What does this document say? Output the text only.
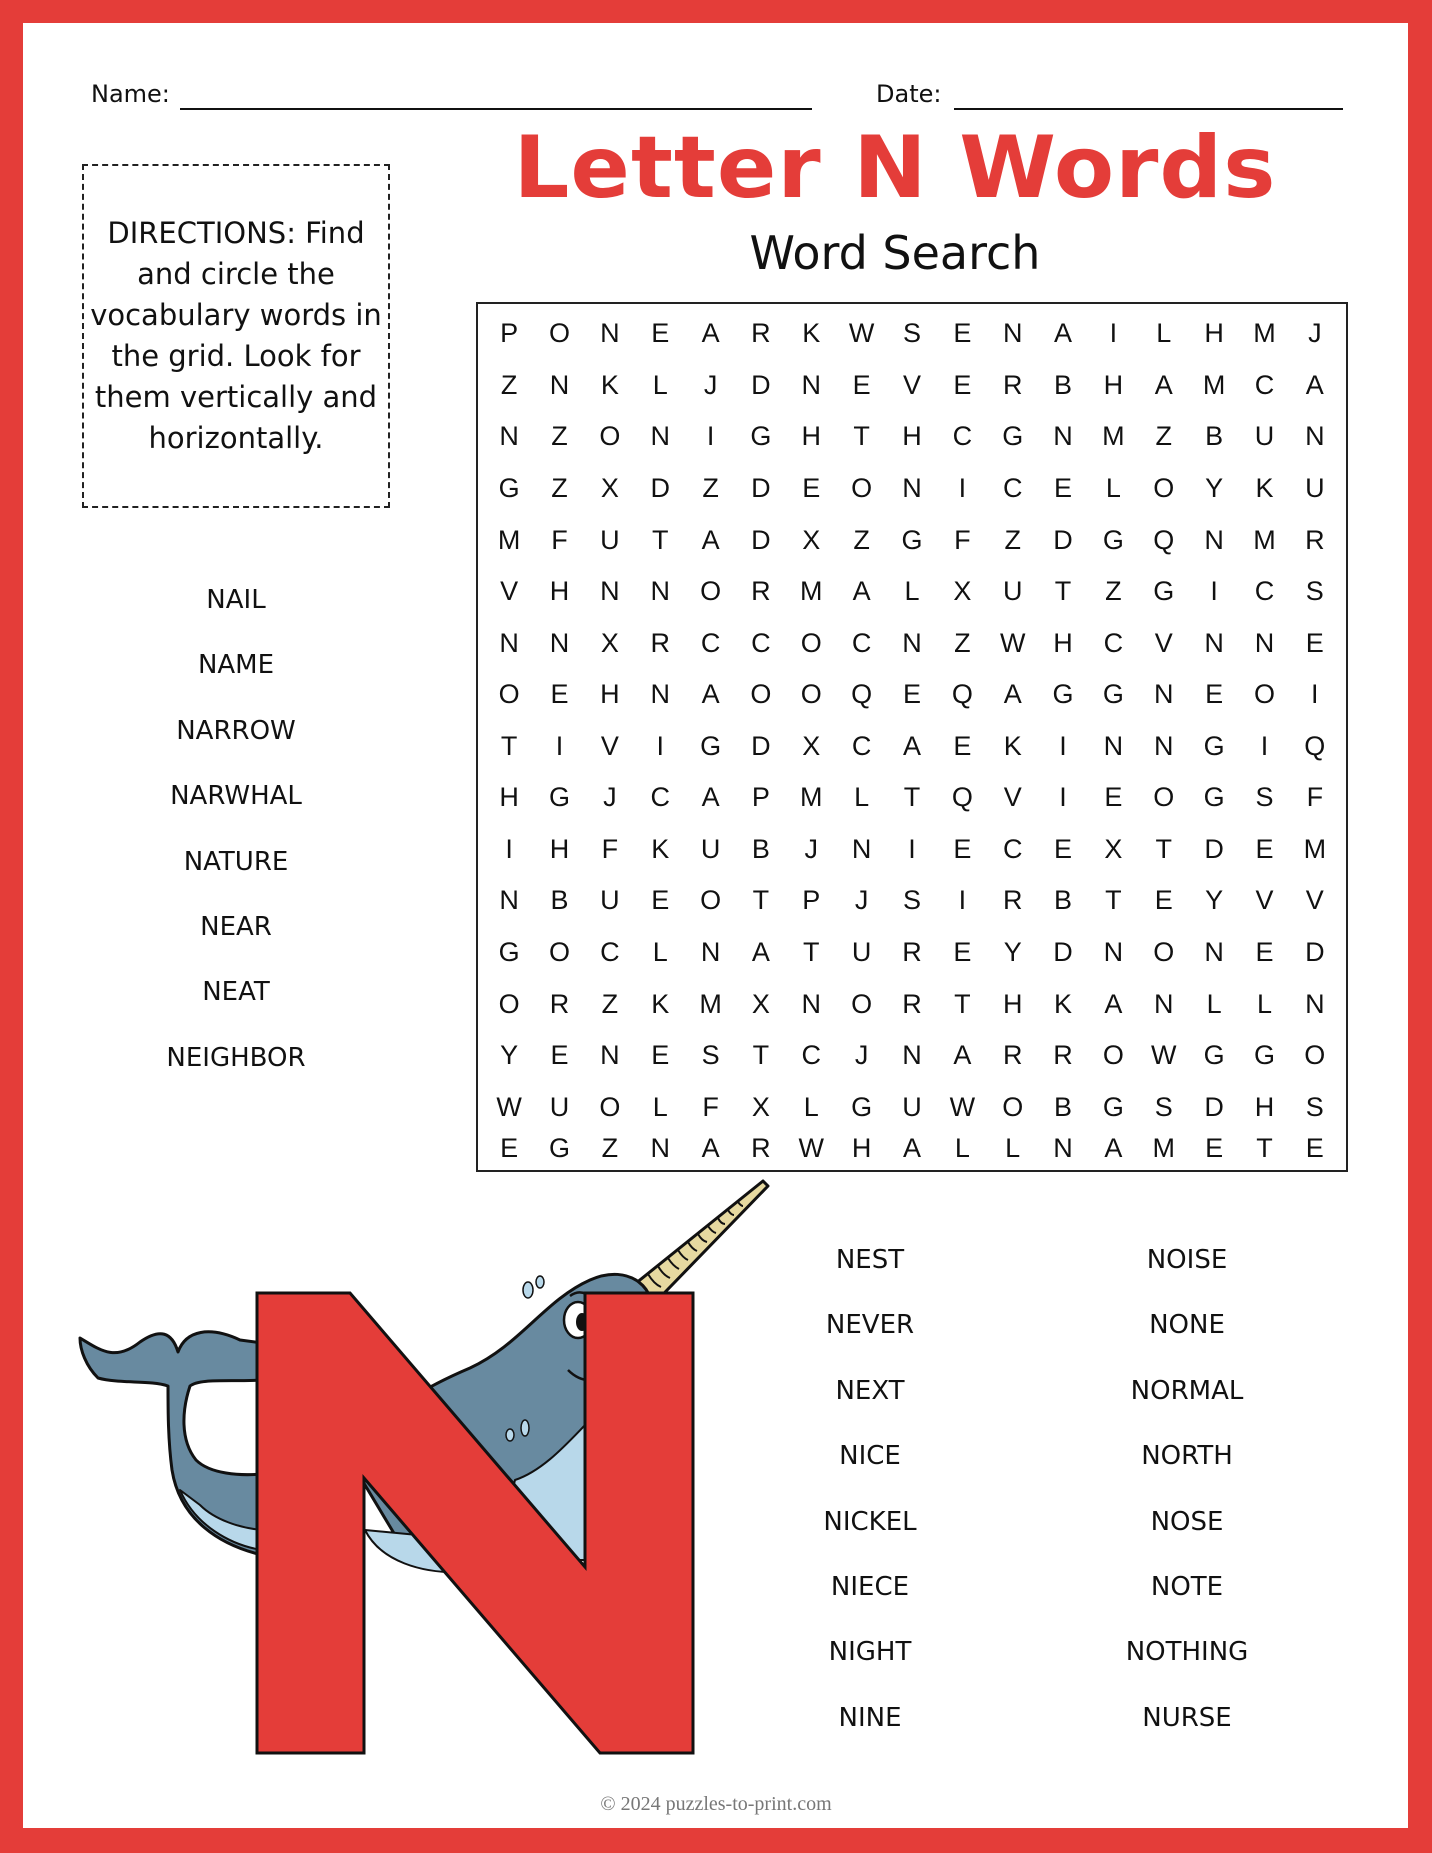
Name:	Date:
Letter N Words
Word Search

DIRECTIONS: Find and circle the vocabulary words in the grid. Look for them vertically and horizontally.

P	O	N	E	A	R	K	W	S	E	N	A	I	L	H	M	J
Z	N	K	L	J	D	N	E	V	E	R	B	H	A	M	C	A
N	Z	O	N	I	G	H	T	H	C	G	N	M	Z	B	U	N
G	Z	X	D	Z	D	E	O	N	I	C	E	L	O	Y	K	U
M	F	U	T	A	D	X	Z	G	F	Z	D	G	Q	N	M	R
V	H	N	N	O	R	M	A	L	X	U	T	Z	G	I	C	S
N	N	X	R	C	C	O	C	N	Z	W	H	C	V	N	N	E
O	E	H	N	A	O	O	Q	E	Q	A	G	G	N	E	O	I
T	I	V	I	G	D	X	C	A	E	K	I	N	N	G	I	Q
H	G	J	C	A	P	M	L	T	Q	V	I	E	O	G	S	F
I	H	F	K	U	B	J	N	I	E	C	E	X	T	D	E	M
N	B	U	E	O	T	P	J	S	I	R	B	T	E	Y	V	V
G	O	C	L	N	A	T	U	R	E	Y	D	N	O	N	E	D
O	R	Z	K	M	X	N	O	R	T	H	K	A	N	L	L	N
Y	E	N	E	S	T	C	J	N	A	R	R	O	W	G	G	O
W	U	O	L	F	X	L	G	U	W	O	B	G	S	D	H	S
E	G	Z	N	A	R	W	H	A	L	L	N	A	M	E	T	E
NAIL
NAME
NARROW
NARWHAL
NATURE
NEAR
NEAT
NEIGHBOR
NEST
NEVER
NEXT
NICE
NICKEL
NIECE
NIGHT
NINE
NOISE
NONE
NORMAL
NORTH
NOSE
NOTE
NOTHING
NURSE
© 2024 puzzles-to-print.com
